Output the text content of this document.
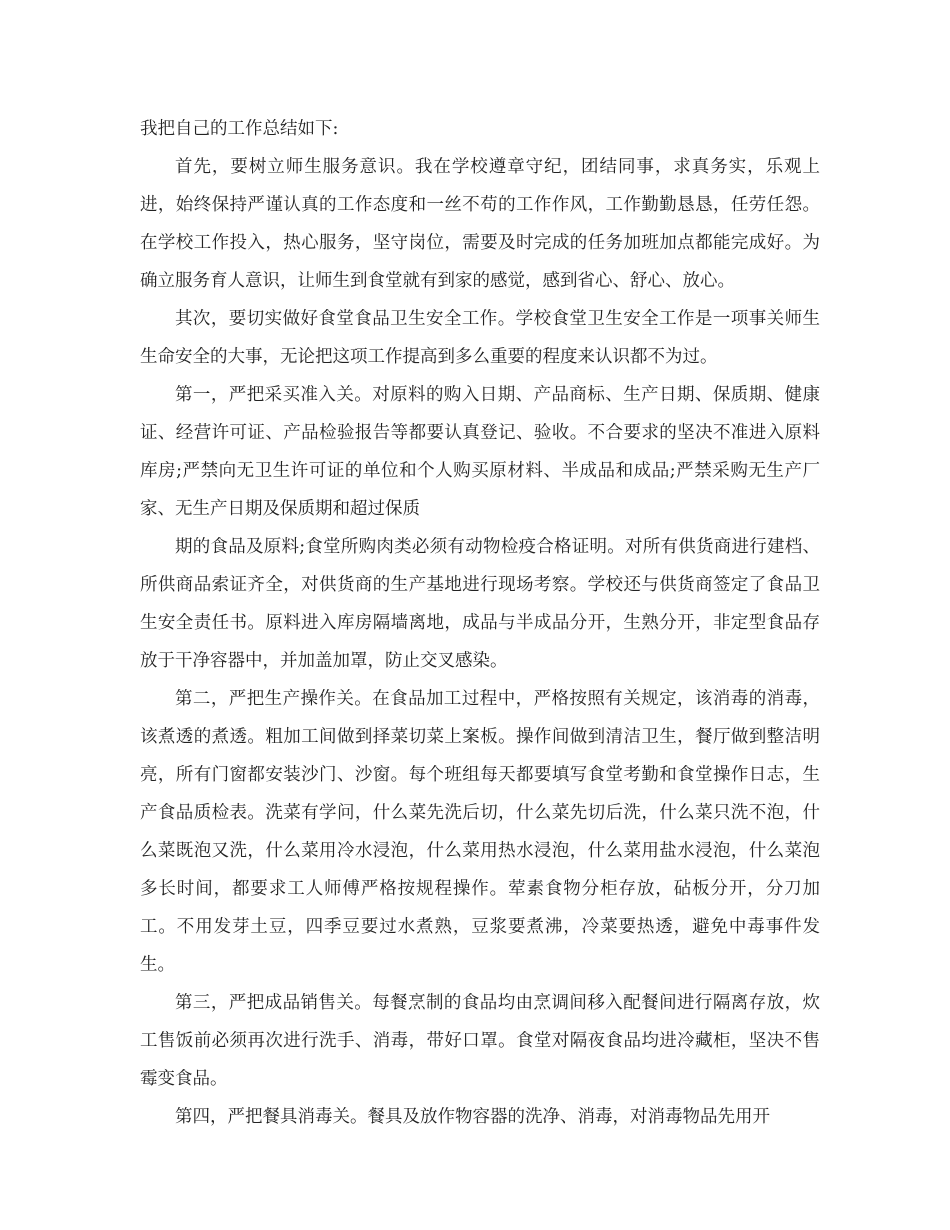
我把自己的工作总结如下:

首先，要树立师生服务意识。我在学校遵章守纪，团结同事，求真务实，乐观上进，始终保持严谨认真的工作态度和一丝不苟的工作作风，工作勤勤恳恳，任劳任怨。在学校工作投入，热心服务，坚守岗位，需要及时完成的任务加班加点都能完成好。为确立服务育人意识，让师生到食堂就有到家的感觉，感到省心、舒心、放心。

其次，要切实做好食堂食品卫生安全工作。学校食堂卫生安全工作是一项事关师生生命安全的大事，无论把这项工作提高到多么重要的程度来认识都不为过。

第一，严把采买准入关。对原料的购入日期、产品商标、生产日期、保质期、健康证、经营许可证、产品检验报告等都要认真登记、验收。不合要求的坚决不准进入原料库房;严禁向无卫生许可证的单位和个人购买原材料、半成品和成品;严禁采购无生产厂家、无生产日期及保质期和超过保质

期的食品及原料;食堂所购肉类必须有动物检疫合格证明。对所有供货商进行建档、所供商品索证齐全，对供货商的生产基地进行现场考察。学校还与供货商签定了食品卫生安全责任书。原料进入库房隔墙离地，成品与半成品分开，生熟分开，非定型食品存放于干净容器中，并加盖加罩，防止交叉感染。

第二，严把生产操作关。在食品加工过程中，严格按照有关规定，该消毒的消毒，该煮透的煮透。粗加工间做到择菜切菜上案板。操作间做到清洁卫生，餐厅做到整洁明亮，所有门窗都安装沙门、沙窗。每个班组每天都要填写食堂考勤和食堂操作日志，生产食品质检表。洗菜有学问，什么菜先洗后切，什么菜先切后洗，什么菜只洗不泡，什么菜既泡又洗，什么菜用冷水浸泡，什么菜用热水浸泡，什么菜用盐水浸泡，什么菜泡多长时间，都要求工人师傅严格按规程操作。荤素食物分柜存放，砧板分开，分刀加工。不用发芽土豆，四季豆要过水煮熟，豆浆要煮沸，冷菜要热透，避免中毒事件发生。

第三，严把成品销售关。每餐烹制的食品均由烹调间移入配餐间进行隔离存放，炊工售饭前必须再次进行洗手、消毒，带好口罩。食堂对隔夜食品均进冷藏柜，坚决不售霉变食品。

第四，严把餐具消毒关。餐具及放作物容器的洗净、消毒，对消毒物品先用开
